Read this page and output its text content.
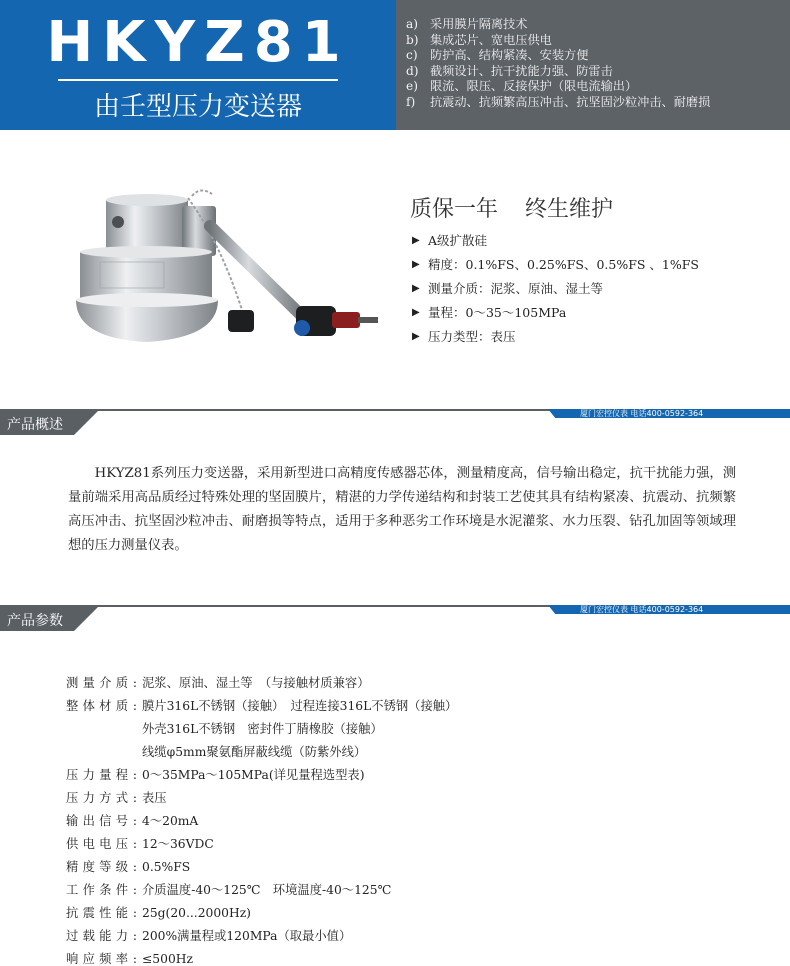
HKYZ81
由壬型压力变送器
a) 采用膜片隔离技术
b) 集成芯片、宽电压供电
c)	防护高、结构紧凑、安装方便
d) 截频设计、抗干扰能力强、防雷击
e) 限流、限压、反接保护（限电流输出）
f)	抗震动、抗频繁高压冲击、抗坚固沙粒冲击、耐磨损
质保一年 终生维护
▶ A级扩散硅
▶ 精度：0.1%FS、0.25%FS、0.5%FS 、1%FS
▶ 测量介质：泥浆、原油、湿土等
▶ 量程：0～35～105MPa
▶ 压力类型：表压
产品概述
厦门宏控仪表 电话400-0592-364

HKYZ81系列压力变送器，采用新型进口高精度传感器芯体，测量精度高，信号输出稳定，抗干扰能力强，测量前端采用高品质经过特殊处理的坚固膜片，精湛的力学传递结构和封装工艺使其具有结构紧凑、抗震动、抗频繁高压冲击、抗坚固沙粒冲击、耐磨损等特点，适用于多种恶劣工作环境是水泥灌浆、水力压裂、钻孔加固等领域理想的压力测量仪表。

产品参数
厦门宏控仪表 电话400-0592-364
测量介质 : 泥浆、原油、湿土等　（与接触材质兼容）
整体材质 : 膜片316L不锈钢（接触）　过程连接316L不锈钢（接触）
外壳316L不锈钢　密封件丁腈橡胶（接触）
线缆φ5mm聚氨酯屏蔽线缆（防紫外线）
压力量程 : 0～35MPa～105MPa(详见量程选型表)
压力方式 : 表压
输出信号 : 4～20mA
供电电压 : 12～36VDC
精度等级 : 0.5%FS
工作条件 : 介质温度-40～125℃　环境温度-40～125℃
抗震性能 : 25g(20...2000Hz)
过载能力 : 200%满量程或120MPa（取最小值）
响应频率 : ≤500Hz
